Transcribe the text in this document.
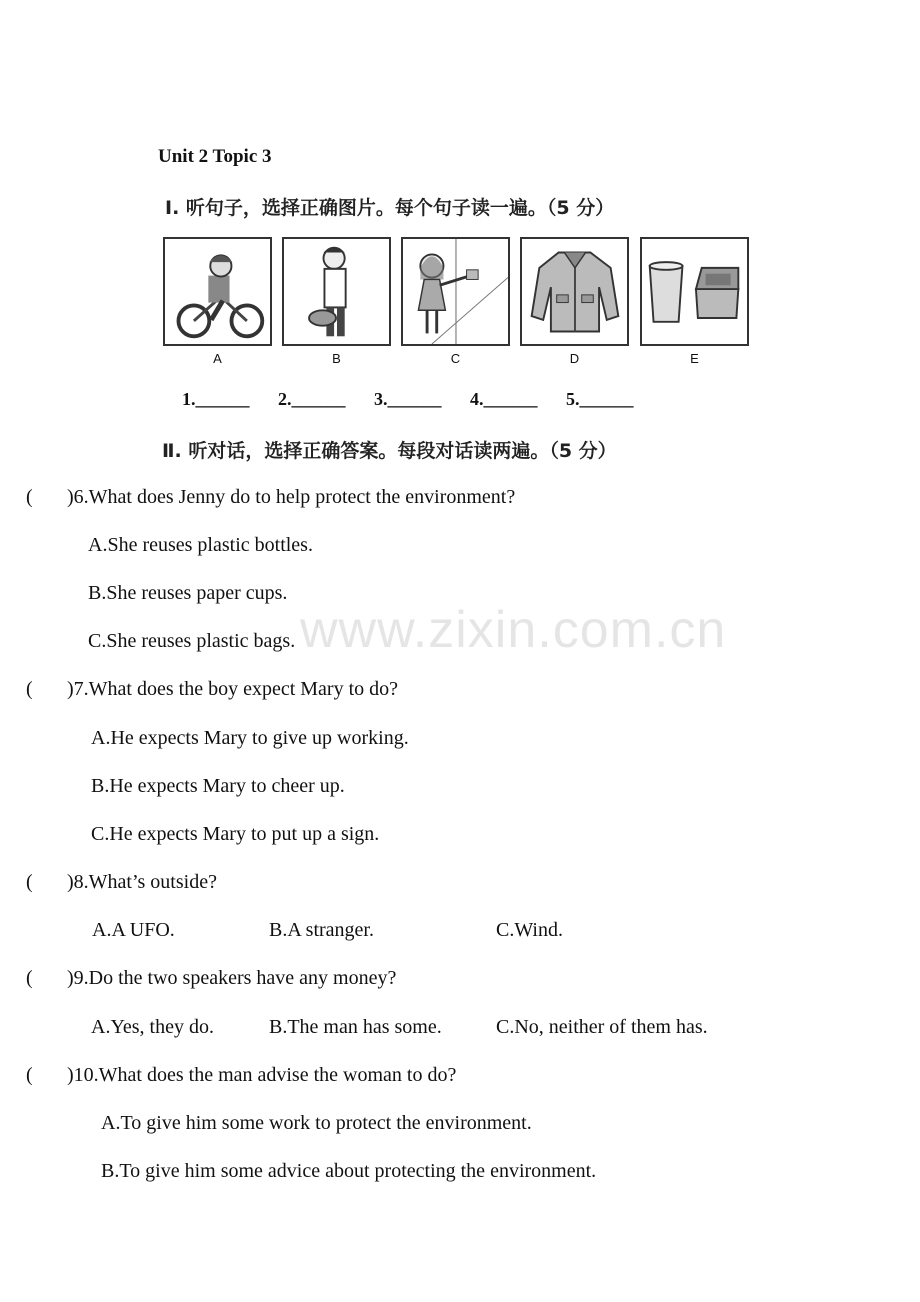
Unit 2 Topic 3
Ⅰ. 听句子，选择正确图片。每个句子读一遍。（5 分）
A	B	C	D	E
1.______ 2.______ 3.______ 4.______ 5.______
Ⅱ. 听对话，选择正确答案。每段对话读两遍。（5 分）
( )6.What does Jenny do to help protect the environment?
A.She reuses plastic bottles.
B.She reuses paper cups.
C.She reuses plastic bags.
( )7.What does the boy expect Mary to do?
A.He expects Mary to give up working.
B.He expects Mary to cheer up.
C.He expects Mary to put up a sign.
( )8.What’s outside?
A.A UFO.	B.A stranger.	C.Wind.
( )9.Do the two speakers have any money?
A.Yes, they do.	B.The man has some.	C.No, neither of them has.
( )10.What does the man advise the woman to do?
A.To give him some work to protect the environment.
B.To give him some advice about protecting the environment.
www.zixin.com.cn
